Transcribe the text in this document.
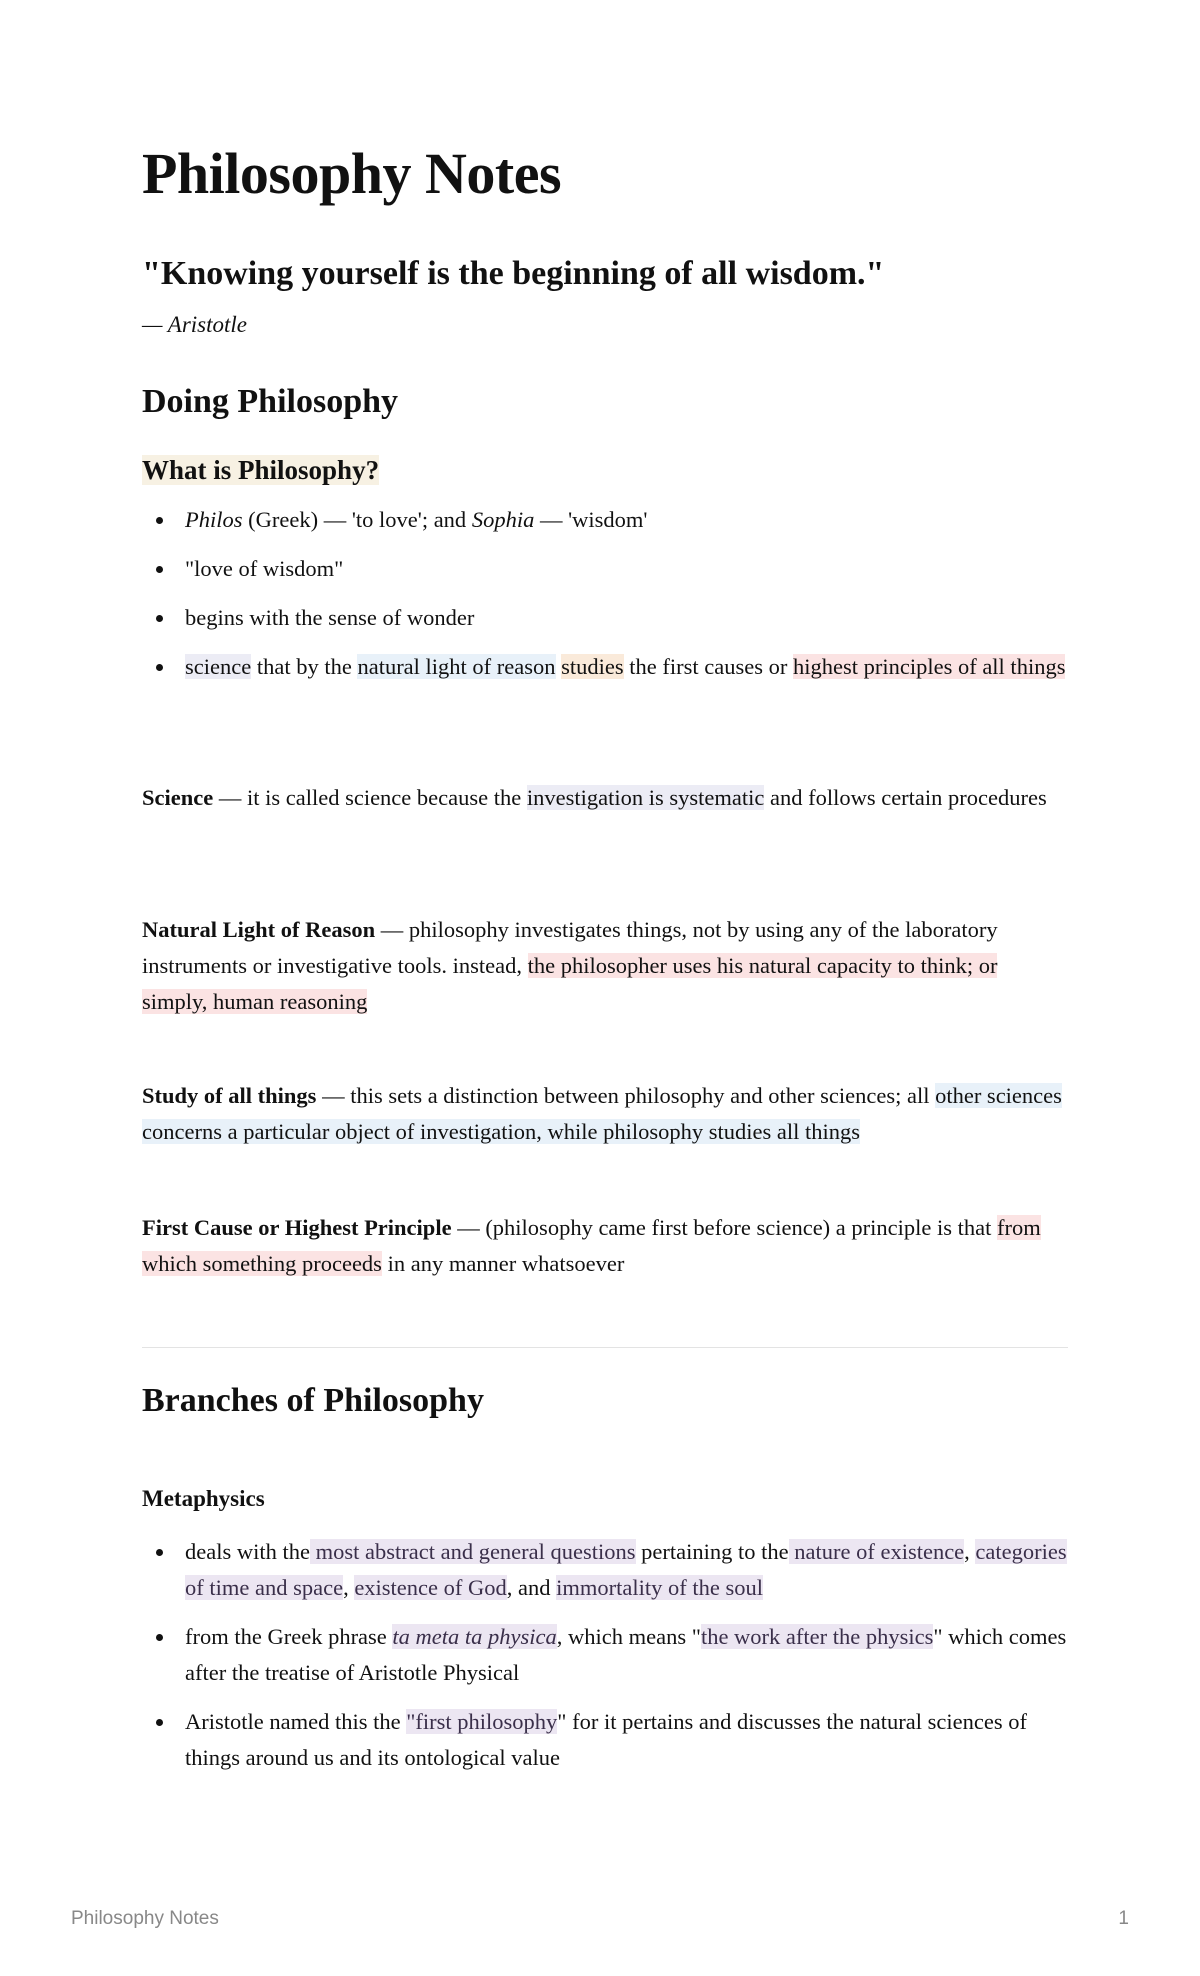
Philosophy Notes

"Knowing yourself is the beginning of all wisdom."

— Aristotle

Doing Philosophy
What is Philosophy?
Philos (Greek) — 'to love'; and Sophia — 'wisdom'
"love of wisdom"
begins with the sense of wonder
science that by the natural light of reason studies the first causes or highest principles of all things

Science — it is called science because the investigation is systematic and follows certain procedures

Natural Light of Reason — philosophy investigates things, not by using any of the laboratory instruments or investigative tools. instead, the philosopher uses his natural capacity to think; or simply, human reasoning

Study of all things — this sets a distinction between philosophy and other sciences; all other sciences concerns a particular object of investigation, while philosophy studies all things

First Cause or Highest Principle — (philosophy came first before science) a principle is that from which something proceeds in any manner whatsoever

Branches of Philosophy
Metaphysics
deals with the most abstract and general questions pertaining to the nature of existence, categories of time and space, existence of God, and immortality of the soul
from the Greek phrase ta meta ta physica, which means "the work after the physics" which comes after the treatise of Aristotle Physical
Aristotle named this the "first philosophy" for it pertains and discusses the natural sciences of things around us and its ontological value
Philosophy Notes	1
